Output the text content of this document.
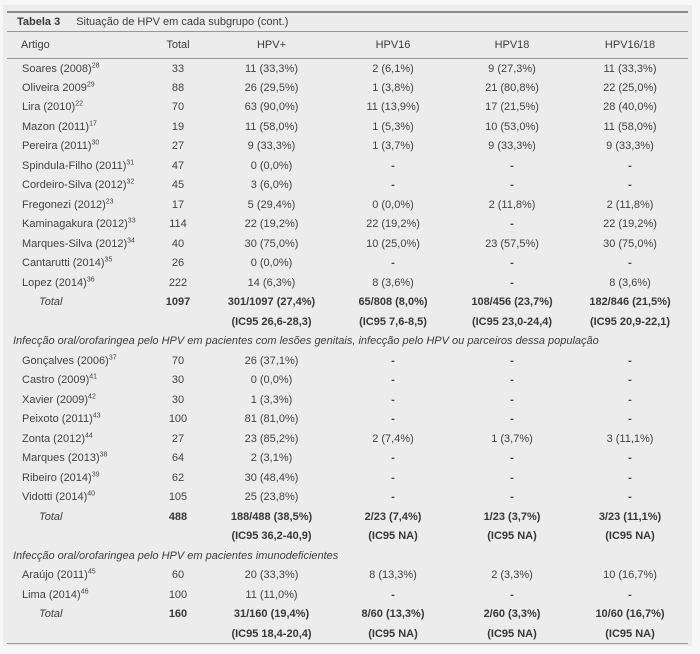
Tabela 3 Situação de HPV em cada subgrupo (cont.)
Artigo	Total	HPV+	HPV16	HPV18	HPV16/18
Soares $(2008)^{28}$	33	11 (33,3%)	2 (6,1%)	9 (27,3%)	11 (33,3%)
Oliveira 2009$^{29}$	88	26 (29,5%)	1 (3,8%)	21 (80,8%)	22 (25,0%)
Lira $(2010)^{22}$	70	63 (90,0%)	11 (13,9%)	17 (21,5%)	28 (40,0%)
Mazon $(2011)^{17}$	19	11 (58,0%)	1 (5,3%)	10 (53,0%)	11 (58,0%)
Pereira $(2011)^{30}$	27	9 (33,3%)	1 (3,7%)	9 (33,3%)	9 (33,3%)
Spindula-Filho $(2011)^{31}$	47	0 (0,0%)	-	-	-
Cordeiro-Silva $(2012)^{32}$	45	3 (6,0%)	-	-	-
Fregonezi $(2012)^{23}$	17	5 (29,4%)	0 (0,0%)	2 (11,8%)	2 (11,8%)
Kaminagakura $(2012)^{33}$	114	22 (19,2%)	22 (19,2%)	-	22 (19,2%)
Marques-Silva $(2012)^{34}$	40	30 (75,0%)	10 (25,0%)	23 (57,5%)	30 (75,0%)
Cantarutti $(2014)^{35}$	26	0 (0,0%)	-	-	-
Lopez $(2014)^{36}$	222	14 (6,3%)	8 (3,6%)	-	8 (3,6%)
Total	1097	301/1097 (27,4%)	65/808 (8,0%)	108/456 (23,7%)	182/846 (21,5%)
		(IC95 26,6-28,3)	(IC95 7,6-8,5)	(IC95 23,0-24,4)	(IC95 20,9-22,1)
Infecção oral/orofaringea pelo HPV em pacientes com lesões genitais, infecção pelo HPV ou parceiros dessa população					
Gonçalves $(2006)^{37}$	70	26 (37,1%)	-	-	-
Castro $(2009)^{41}$	30	0 (0,0%)	-	-	-
Xavier $(2009)^{42}$	30	1 (3,3%)	-	-	-
Peixoto $(2011)^{43}$	100	81 (81,0%)	-	-	-
Zonta $(2012)^{44}$	27	23 (85,2%)	2 (7,4%)	1 (3,7%)	3 (11,1%)
Marques $(2013)^{38}$	64	2 (3,1%)	-	-	-
Ribeiro $(2014)^{39}$	62	30 (48,4%)	-	-	-
Vidotti $(2014)^{40}$	105	25 (23,8%)	-	-	-
Total	488	188/488 (38,5%)	2/23 (7,4%)	1/23 (3,7%)	3/23 (11,1%)
		(IC95 36,2-40,9)	(IC95 NA)	(IC95 NA)	(IC95 NA)
Infecção oral/orofaringea pelo HPV em pacientes imunodeficientes					
Araújo $(2011)^{45}$	60	20 (33,3%)	8 (13,3%)	2 (3,3%)	10 (16,7%)
Lima $(2014)^{46}$	100	11 (11,0%)	-	-	-
Total	160	31/160 (19,4%)	8/60 (13,3%)	2/60 (3,3%)	10/60 (16,7%)
		(IC95 18,4-20,4)	(IC95 NA)	(IC95 NA)	(IC95 NA)
